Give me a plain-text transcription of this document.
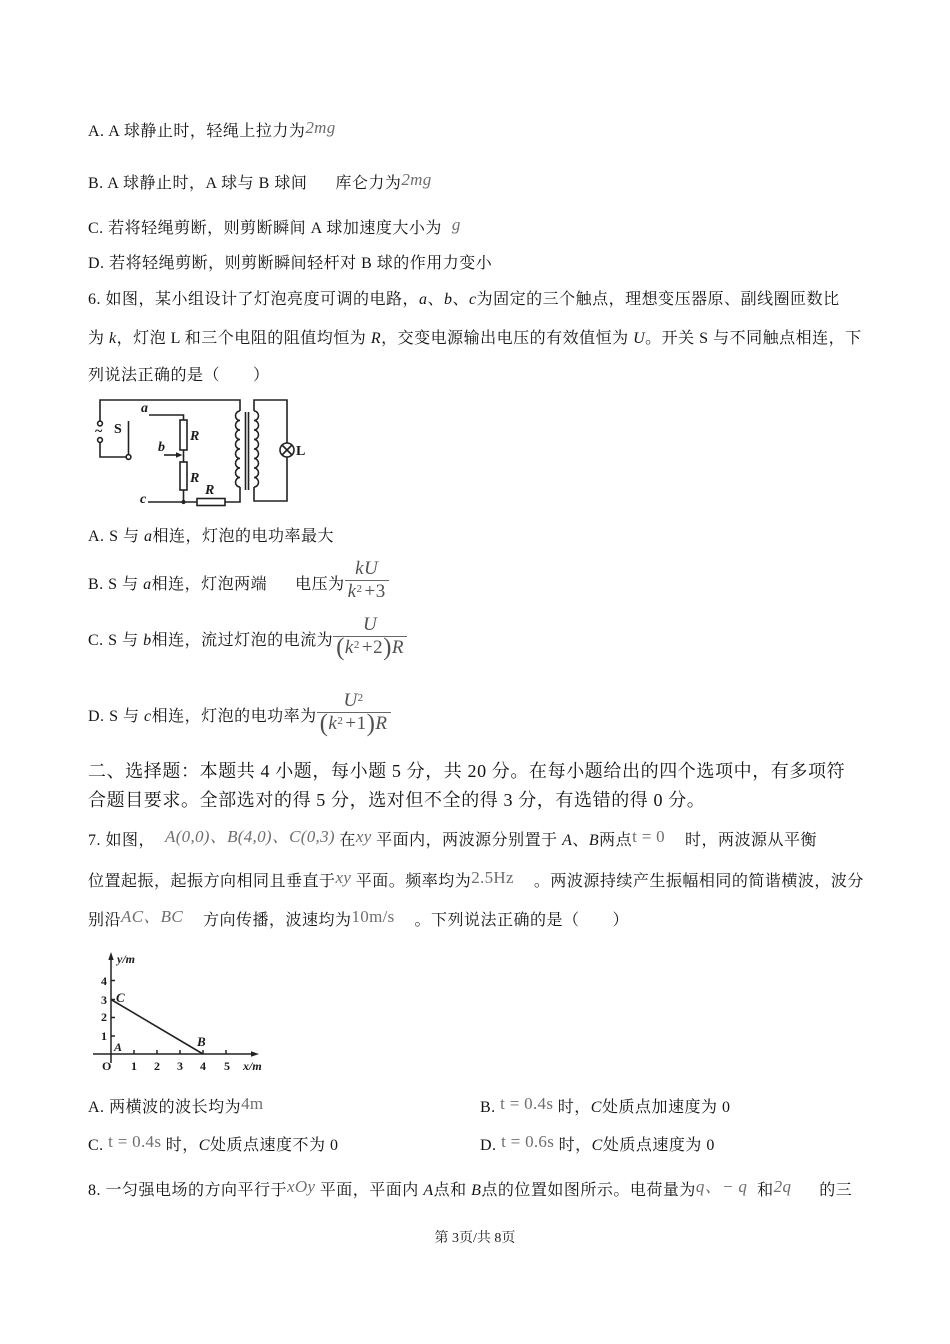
A. A 球静止时，轻绳上拉力为2mg
B. A 球静止时，A 球与 B 球间 库仑力为2mg
C. 若将轻绳剪断，则剪断瞬间 A 球加速度大小为 g
D. 若将轻绳剪断，则剪断瞬间轻杆对 B 球的作用力变小
6. 如图，某小组设计了灯泡亮度可调的电路，a、b、c为固定的三个触点，理想变压器原、副线圈匝数比
为 k，灯泡 L 和三个电阻的阻值均恒为 R，交变电源输出电压的有效值恒为 U。开关 S 与不同触点相连，下
列说法正确的是（　　）
~ S
a
b
c
R
R
R
L
A. S 与 a相连，灯泡的电功率最大
B. S 与 a相连，灯泡两端 电压为 $\frac{kU}{k^2 +3}$
C. S 与 b相连，流过灯泡的电流为 $\frac{U}{( k^2 +2 ) R}$
D. S 与 c相连，灯泡的电功率为 $\frac{U^2}{( k^2 +1 ) R}$
二、选择题：本题共 4 小题，每小题 5 分，共 20 分。在每小题给出的四个选项中，有多项符
合题目要求。全部选对的得 5 分，选对但不全的得 3 分，有选错的得 0 分。
7. 如图， A(0,0)、B(4,0)、C(0,3) 在xy 平面内，两波源分别置于 A、B两点t = 0 时，两波源从平衡
位置起振，起振方向相同且垂直于xy 平面。频率均为2.5Hz 。两波源持续产生振幅相同的简谐横波，波分
别沿AC、BC 方向传播，波速均为10m/s 。下列说法正确的是（　　）
y/m
x/m
O 1 2 3 4 5
1
2
3
4
C
B
A
A. 两横波的波长均为4m	B. t = 0.4s 时，C处质点加速度为 0
C. t = 0.4s 时，C处质点速度不为 0	D. t = 0.6s 时，C处质点速度为 0
8. 一匀强电场的方向平行于xOy 平面，平面内 A点和 B点的位置如图所示。电荷量为q、− q 和2q 的三
第 3页/共 8页
